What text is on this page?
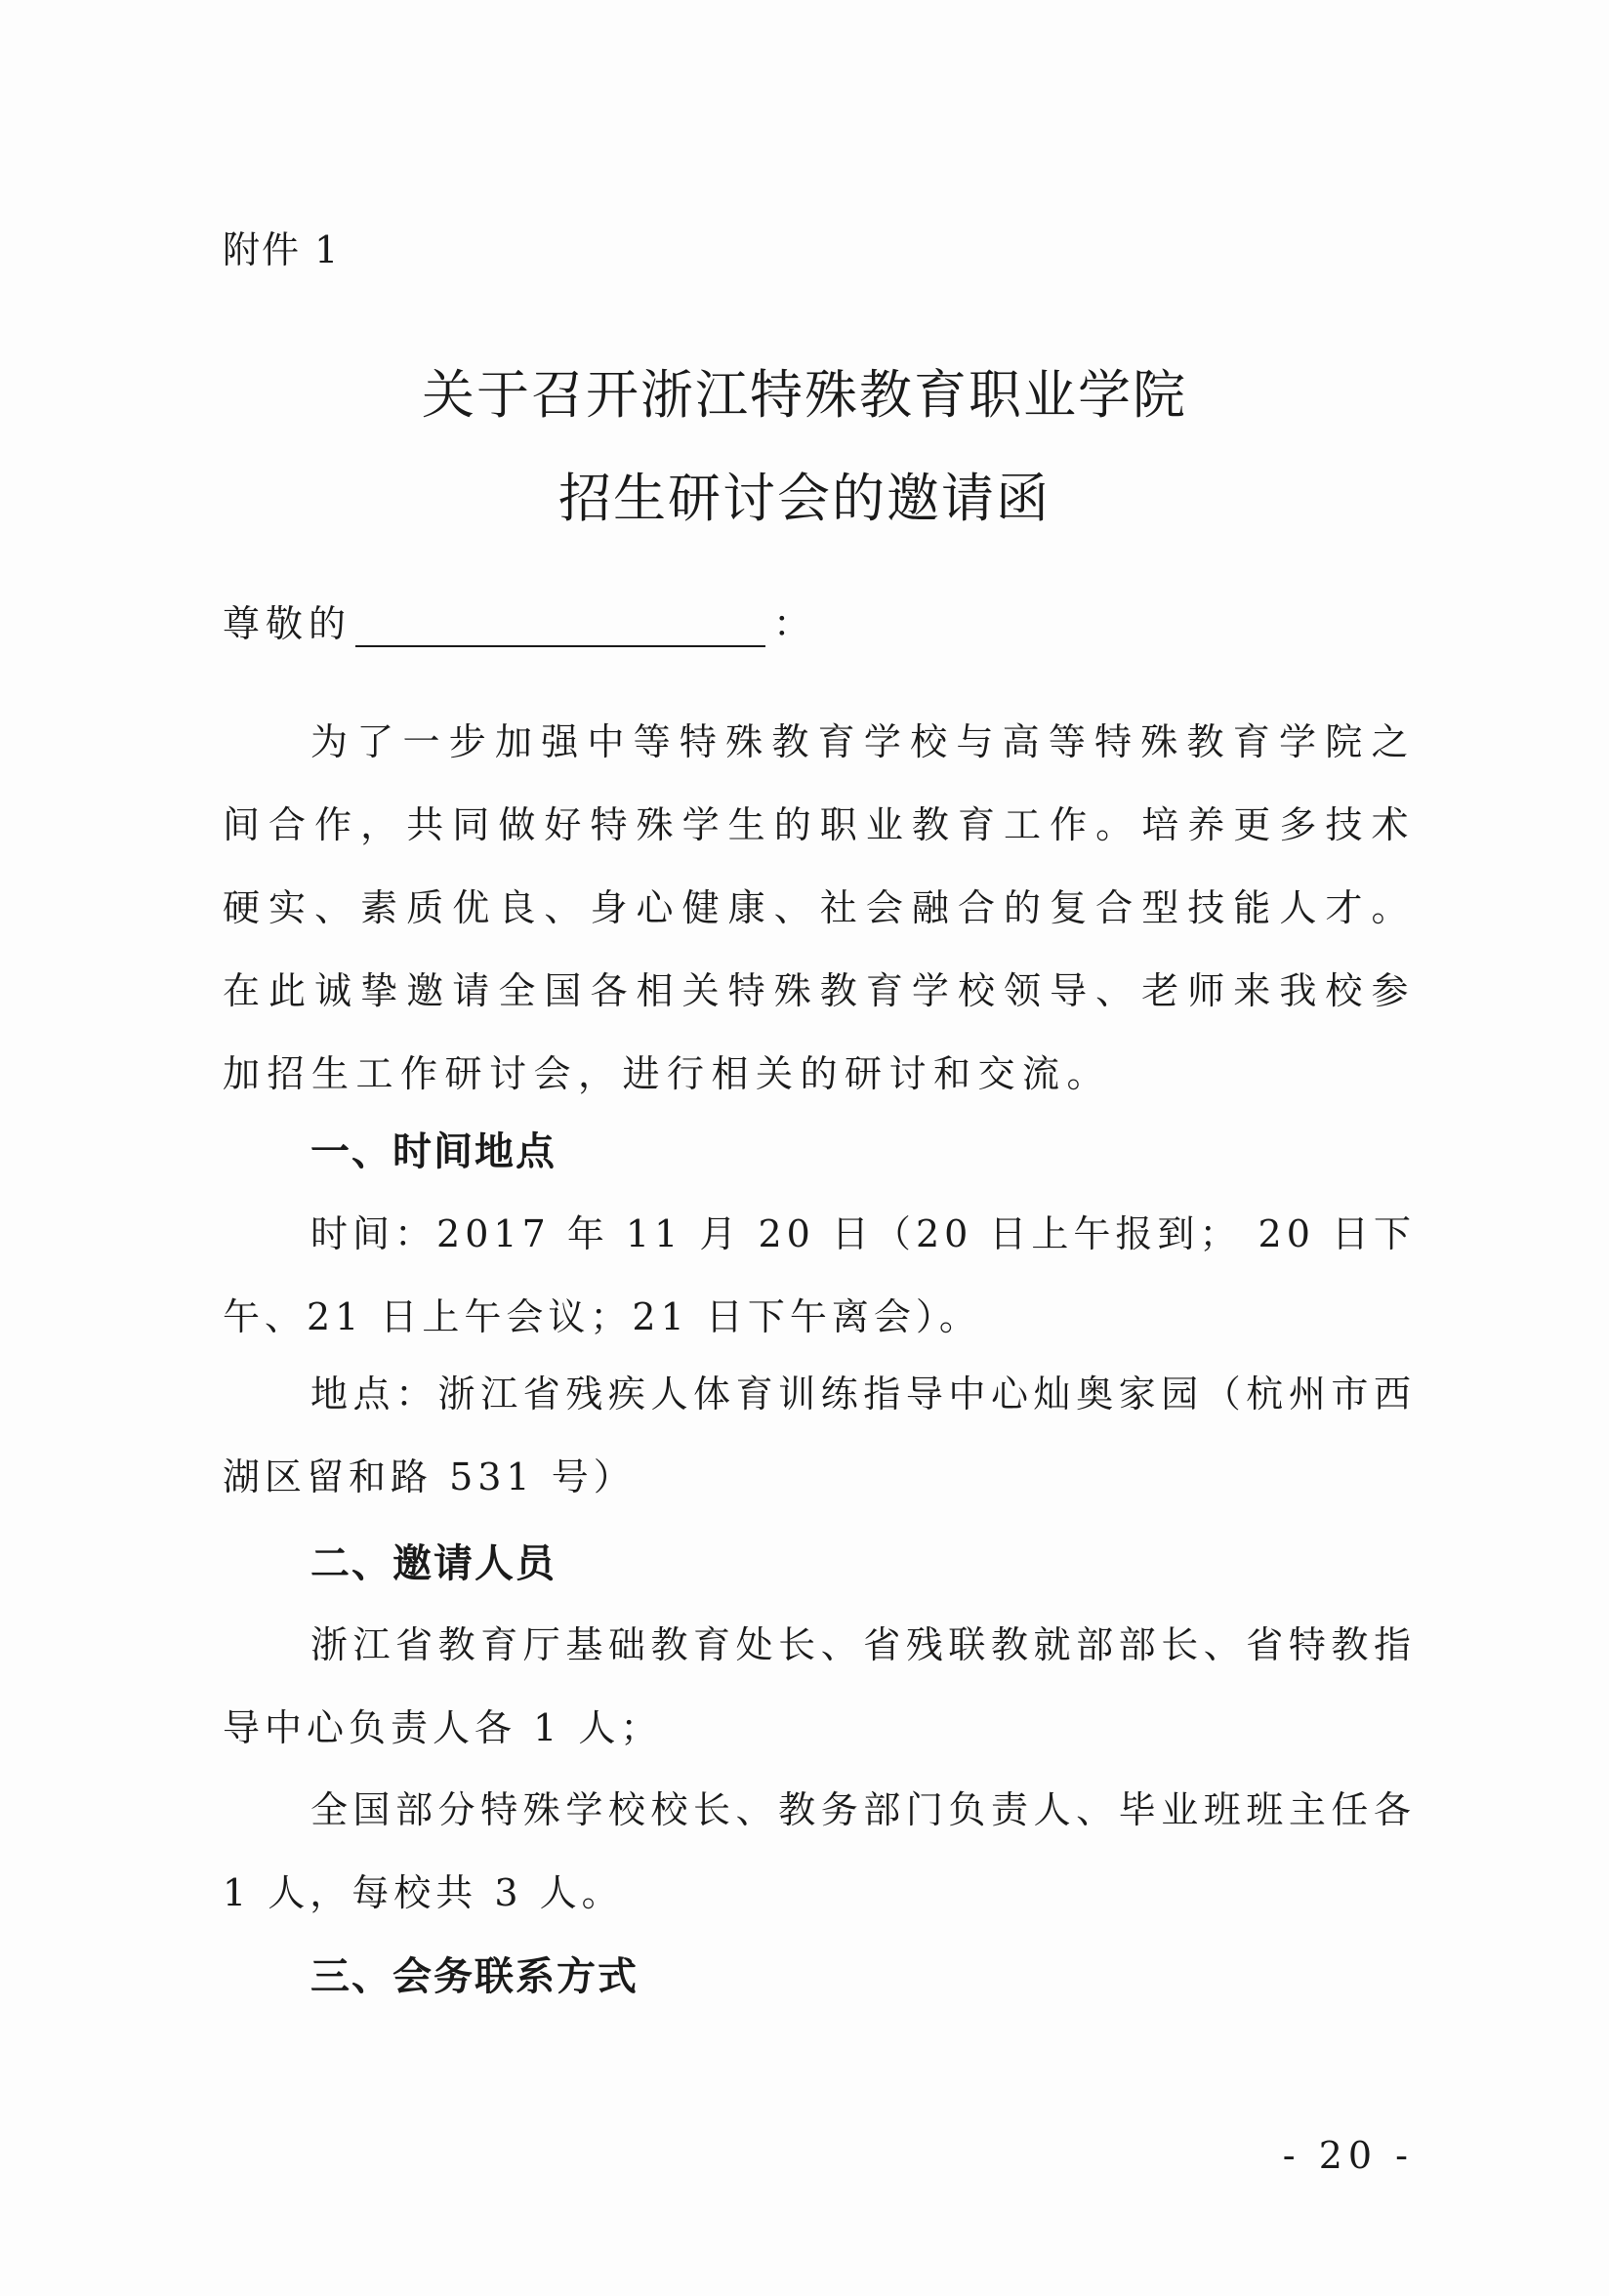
附件 1
关于召开浙江特殊教育职业学院
招生研讨会的邀请函
尊敬的	：
为了一步加强中等特殊教育学校与高等特殊教育学院之间合作，共同做好特殊学生的职业教育工作。培养更多技术硬实、素质优良、身心健康、社会融合的复合型技能人才。在此诚挚邀请全国各相关特殊教育学校领导、老师来我校参加招生工作研讨会，进行相关的研讨和交流。
一、时间地点
时间：2017 年 11 月 20 日（20 日上午报到； 20 日下午、21 日上午会议；21 日下午离会）。
地点：浙江省残疾人体育训练指导中心灿奥家园（杭州市西湖区留和路 531 号）
二、邀请人员
浙江省教育厅基础教育处长、省残联教就部部长、省特教指导中心负责人各 1 人；
全国部分特殊学校校长、教务部门负责人、毕业班班主任各 1 人，每校共 3 人。
三、会务联系方式
- 20 -
